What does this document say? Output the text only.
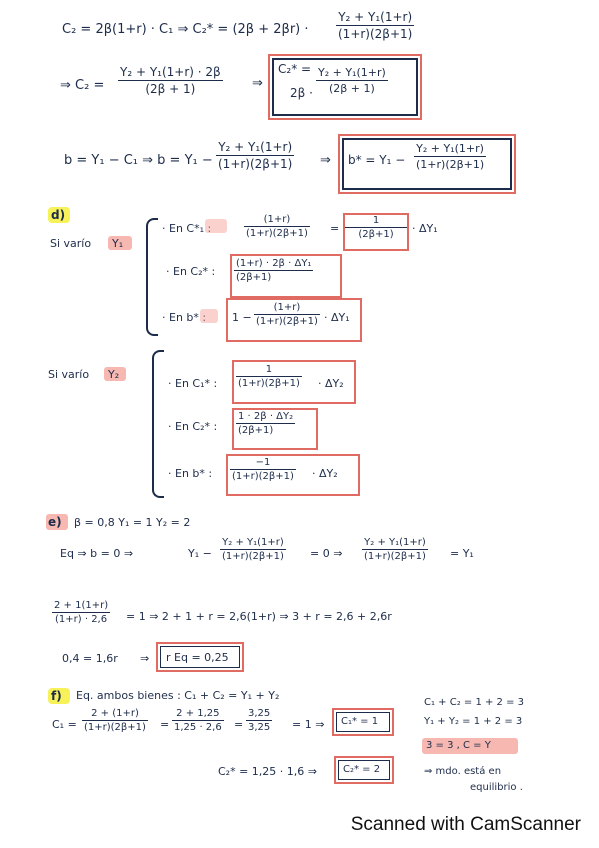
C₂ = 2β(1+r) · C₁ ⇒ C₂* = (2β + 2βr) ·
Y₂ + Y₁(1+r)
(1+r)(2β+1)
⇒ C₂ =
Y₂ + Y₁(1+r) · 2β
(2β + 1)	⇒
C₂* =
2β ·
Y₂ + Y₁(1+r)
(2β + 1)
b = Y₁ − C₁ ⇒ b = Y₁ −
Y₂ + Y₁(1+r)
(1+r)(2β+1) ⇒ b* = Y₁ −
Y₂ + Y₁(1+r)
(1+r)(2β+1)
d)
Si varío Y₁
· En C*₁ :
(1+r)
(1+r)(2β+1) =
1
(2β+1)	· ΔY₁
· En C₂* :
(1+r) · 2β · ΔY₁
(2β+1)
· En b* : 1 −
(1+r)
(1+r)(2β+1) · ΔY₁
Si varío Y₂
· En C₁* :
1
(1+r)(2β+1) · ΔY₂
· En C₂* :
1 · 2β · ΔY₂
(2β+1)
· En b* :
−1
(1+r)(2β+1) · ΔY₂
e) β = 0,8 Y₁ = 1 Y₂ = 2
Eq ⇒ b = 0 ⇒	Y₁ −
Y₂ + Y₁(1+r)
(1+r)(2β+1) = 0 ⇒
Y₂ + Y₁(1+r)
(1+r)(2β+1) = Y₁
2 + 1(1+r)
(1+r) · 2,6 = 1 ⇒ 2 + 1 + r = 2,6(1+r) ⇒ 3 + r = 2,6 + 2,6r
0,4 = 1,6r ⇒ r Eq = 0,25
f) Eq. ambos bienes : C₁ + C₂ = Y₁ + Y₂
C₁ =
2 + (1+r)
(1+r)(2β+1) =
2 + 1,25
1,25 · 2,6 =
3,25
3,25 = 1 ⇒ C₁* = 1
C₂* = 1,25 · 1,6 ⇒	C₂* = 2
C₁ + C₂ = 1 + 2 = 3
Y₁ + Y₂ = 1 + 2 = 3
3 = 3 , C = Y
⇒ mdo. está en
equilibrio .
Scanned with CamScanner
